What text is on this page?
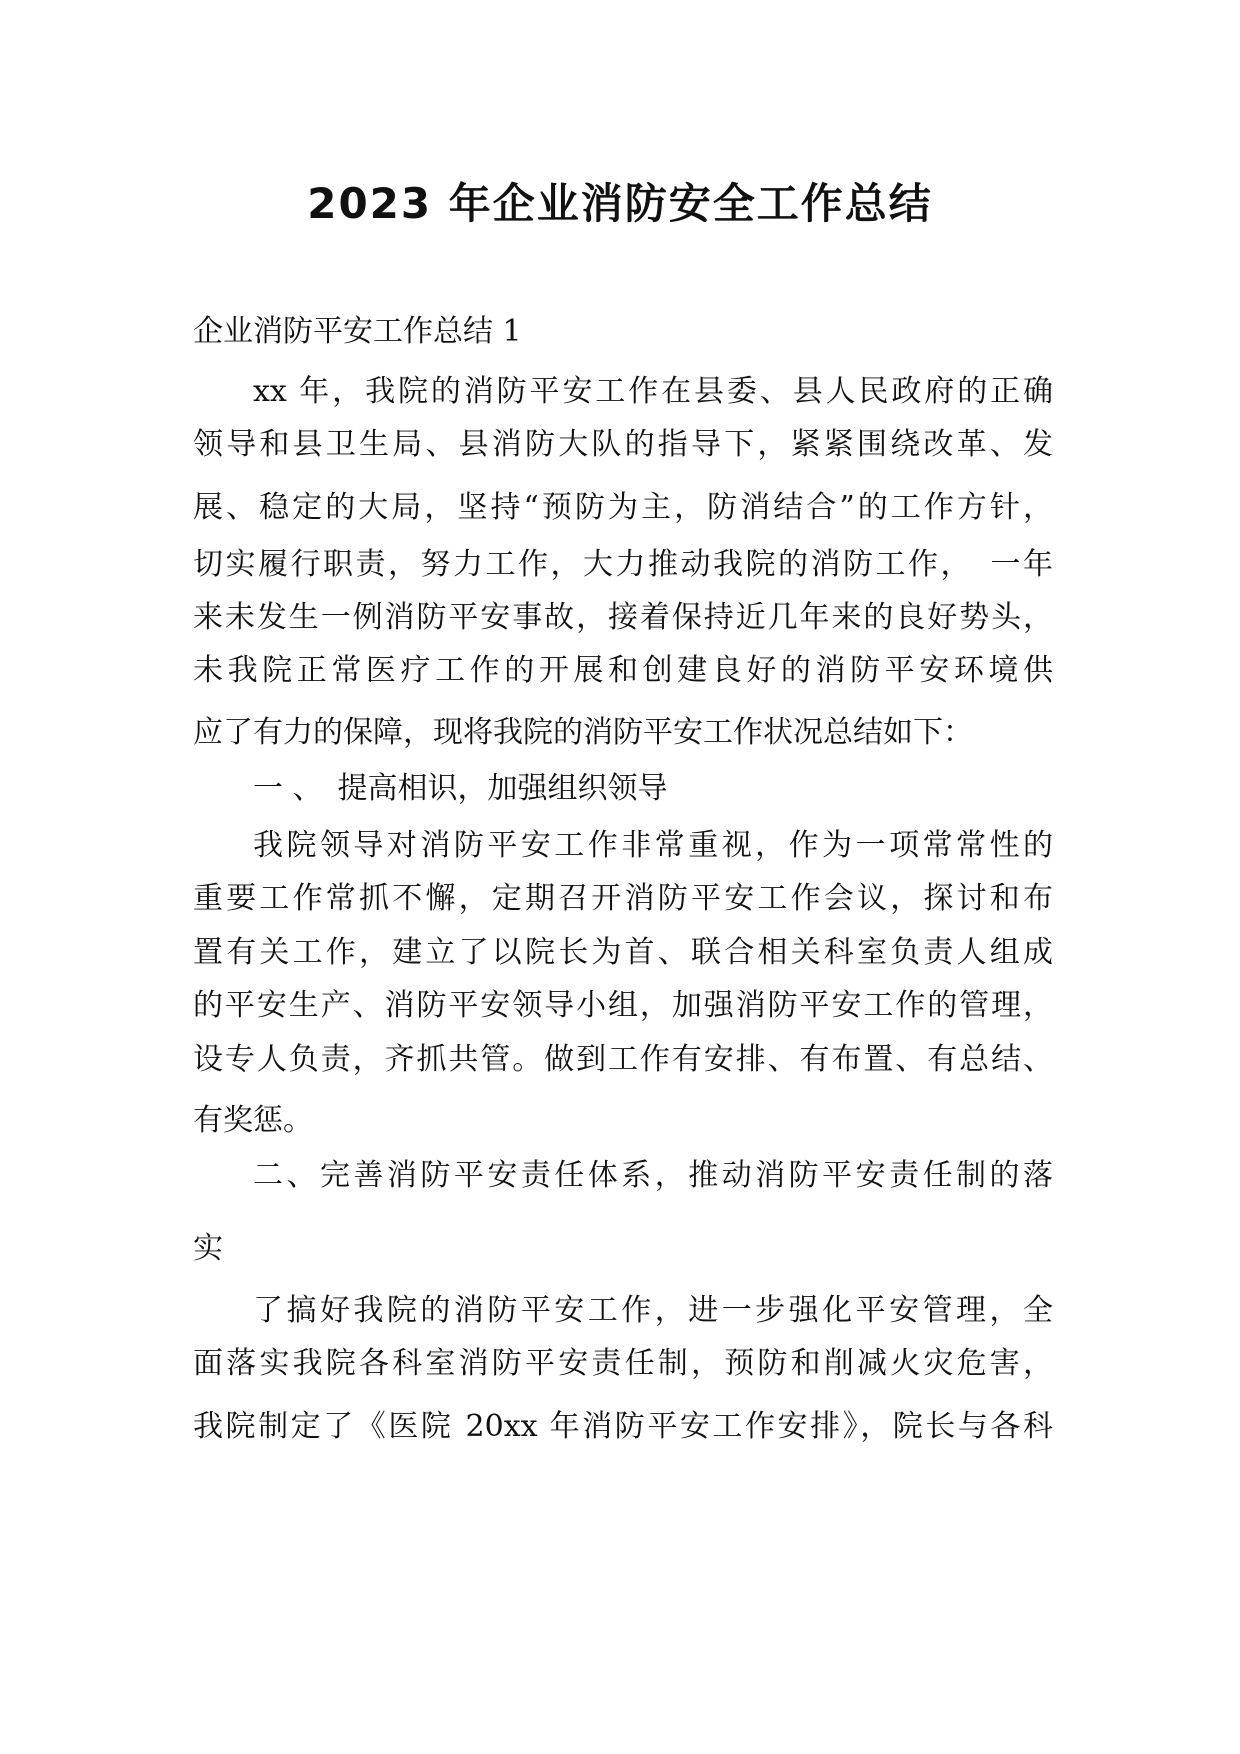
2023 年企业消防安全工作总结
企业消防平安工作总结 1
xx 年，我院的消防平安工作在县委、县人民政府的正确
领导和县卫生局、县消防大队的指导下，紧紧围绕改革、发
展、稳定的大局，坚持“预防为主，防消结合”的工作方针，
切实履行职责，努力工作，大力推动我院的消防工作，　一年
来未发生一例消防平安事故，接着保持近几年来的良好势头，
未我院正常医疗工作的开展和创建良好的消防平安环境供
应了有力的保障，现将我院的消防平安工作状况总结如下：
一 、　提高相识，加强组织领导
我院领导对消防平安工作非常重视，作为一项常常性的
重要工作常抓不懈，定期召开消防平安工作会议，探讨和布
置有关工作，建立了以院长为首、联合相关科室负责人组成
的平安生产、消防平安领导小组，加强消防平安工作的管理，
设专人负责，齐抓共管。做到工作有安排、有布置、有总结、
有奖惩。
二、完善消防平安责任体系，推动消防平安责任制的落
实
了搞好我院的消防平安工作，进一步强化平安管理，全
面落实我院各科室消防平安责任制，预防和削减火灾危害，
我院制定了《医院 20xx 年消防平安工作安排》，院长与各科
